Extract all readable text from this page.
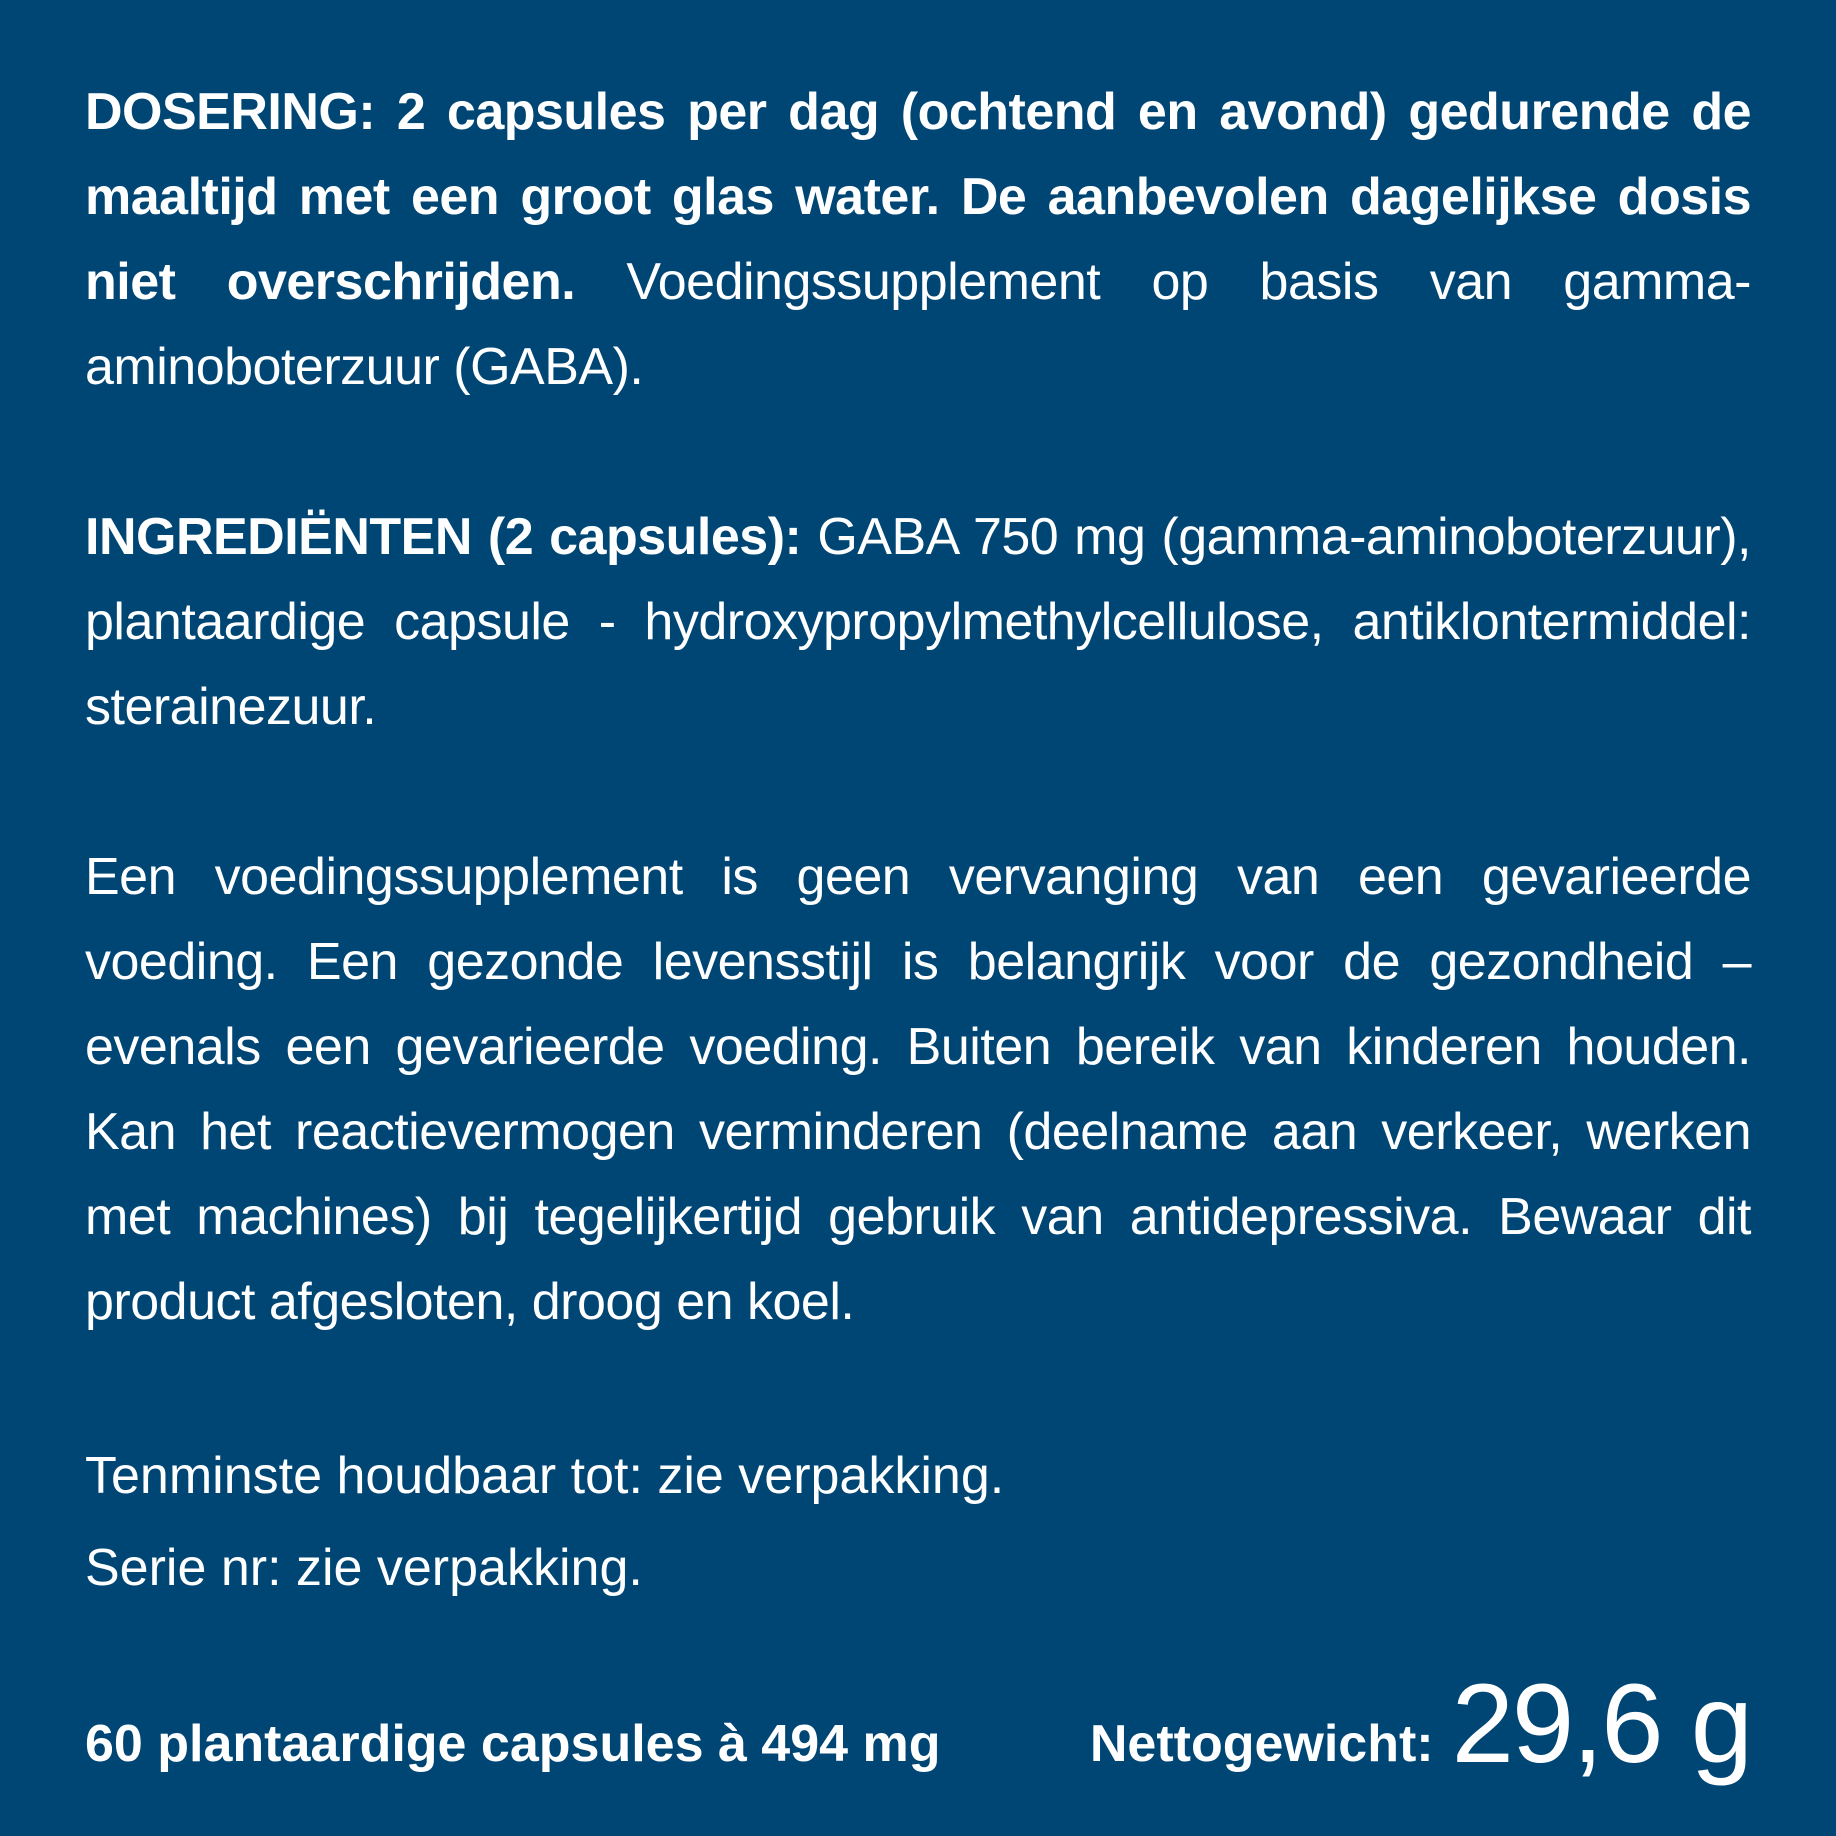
DOSERING: 2 capsules per dag (ochtend en avond) gedurende de maaltijd met een groot glas water. De aanbevolen dagelijkse dosis niet overschrijden. Voedingssupplement op basis van gamma-aminoboterzuur (GABA).

INGREDIËNTEN (2 capsules): GABA 750 mg (gamma-aminoboterzuur), plantaardige capsule - hydroxypropylmethylcellulose, antiklontermiddel: sterainezuur.

Een voedingssupplement is geen vervanging van een gevarieerde voeding. Een gezonde levensstijl is belangrijk voor de gezondheid – evenals een gevarieerde voeding. Buiten bereik van kinderen houden. Kan het reactievermogen verminderen (deelname aan verkeer, werken met machines) bij tegelijkertijd gebruik van antidepressiva. Bewaar dit product afgesloten, droog en koel.

Tenminste houdbaar tot: zie verpakking.

Serie nr: zie verpakking.

60 plantaardige capsules à 494 mg	Nettogewicht: 29,6 g
